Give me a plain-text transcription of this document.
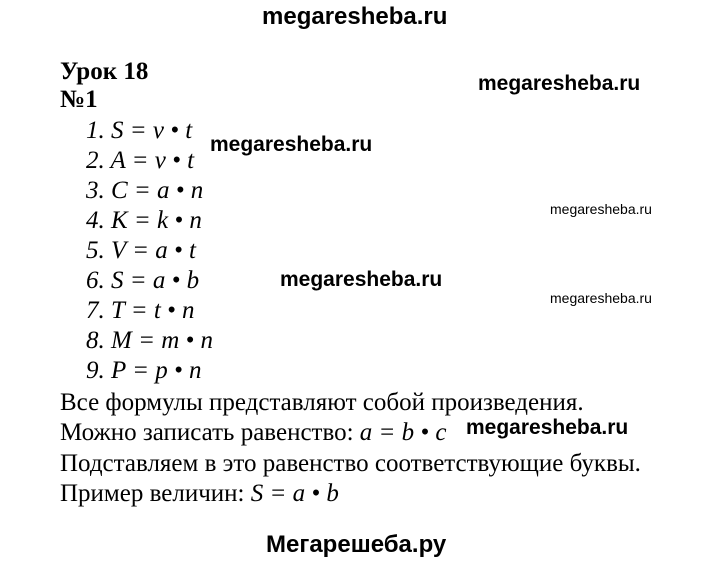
megaresheba.ru
megaresheba.ru
megaresheba.ru
megaresheba.ru
megaresheba.ru
megaresheba.ru
Урок 18
№1
1. S = v • t
2. A = v • t
3. C = a • n
4. K = k • n
5. V = a • t
6. S = a • b
7. T = t • n
8. M = m • n
9. P = p • n
Все формулы представляют собой произведения.
Можно записать равенство: a = b • c megaresheba.ru
Подставляем в это равенство соответствующие буквы.
Пример величин: S = a • b
Мегарешеба.ру
